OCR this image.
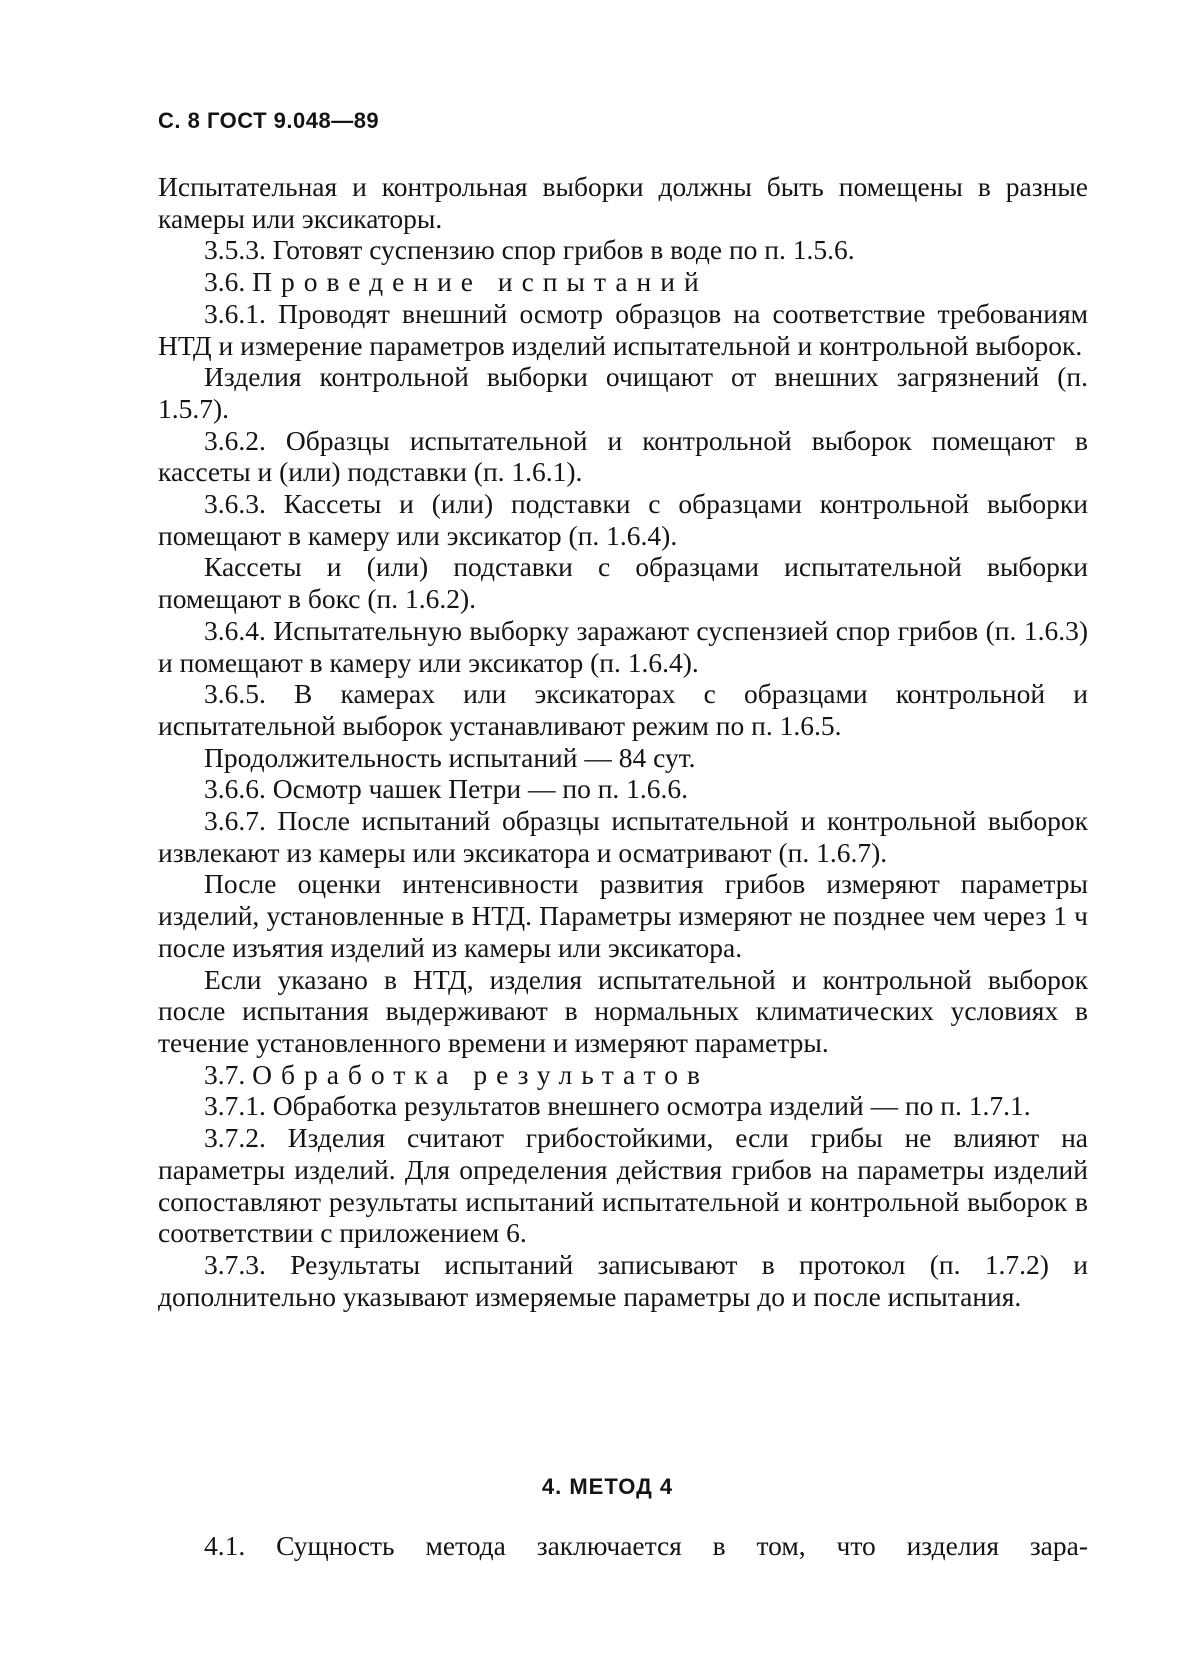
С. 8 ГОСТ 9.048—89

Испытательная и контрольная выборки должны быть помещены в разные камеры или эксикаторы.

3.5.3. Готовят суспензию спор грибов в воде по п. 1.5.6.

3.6. Проведение испытаний

3.6.1. Проводят внешний осмотр образцов на соответствие требованиям НТД и измерение параметров изделий испытательной и контрольной выборок.

Изделия контрольной выборки очищают от внешних загрязнений (п. 1.5.7).

3.6.2. Образцы испытательной и контрольной выборок помещают в кассеты и (или) подставки (п. 1.6.1).

3.6.3. Кассеты и (или) подставки с образцами контрольной выборки помещают в камеру или эксикатор (п. 1.6.4).

Кассеты и (или) подставки с образцами испытательной выборки помещают в бокс (п. 1.6.2).

3.6.4. Испытательную выборку заражают суспензией спор грибов (п. 1.6.3) и помещают в камеру или эксикатор (п. 1.6.4).

3.6.5. В камерах или эксикаторах с образцами контрольной и испытательной выборок устанавливают режим по п. 1.6.5.

Продолжительность испытаний — 84 сут.

3.6.6. Осмотр чашек Петри — по п. 1.6.6.

3.6.7. После испытаний образцы испытательной и контрольной выборок извлекают из камеры или эксикатора и осматривают (п. 1.6.7).

После оценки интенсивности развития грибов измеряют параметры изделий, установленные в НТД. Параметры измеряют не позднее чем через 1 ч после изъятия изделий из камеры или эксикатора.

Если указано в НТД, изделия испытательной и контрольной выборок после испытания выдерживают в нормальных климатических условиях в течение установленного времени и измеряют параметры.

3.7. Обработка результатов

3.7.1. Обработка результатов внешнего осмотра изделий — по п. 1.7.1.

3.7.2. Изделия считают грибостойкими, если грибы не влияют на параметры изделий. Для определения действия грибов на параметры изделий сопоставляют результаты испытаний испытательной и контрольной выборок в соответствии с приложением 6.

3.7.3. Результаты испытаний записывают в протокол (п. 1.7.2) и дополнительно указывают измеряемые параметры до и после испытания.

4. МЕТОД 4

4.1. Сущность метода заключается в том, что изделия зара-
